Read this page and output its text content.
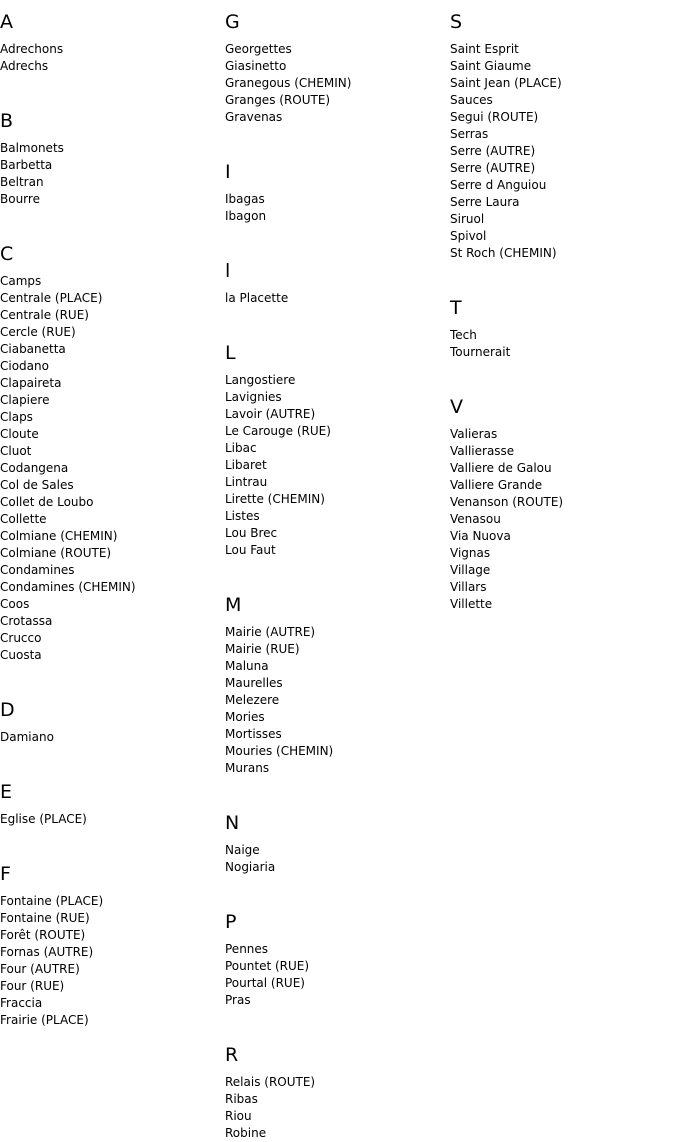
A
Adrechons
Adrechs
B
Balmonets
Barbetta
Beltran
Bourre
C
Camps
Centrale (PLACE)
Centrale (RUE)
Cercle (RUE)
Ciabanetta
Ciodano
Clapaireta
Clapiere
Claps
Cloute
Cluot
Codangena
Col de Sales
Collet de Loubo
Collette
Colmiane (CHEMIN)
Colmiane (ROUTE)
Condamines
Condamines (CHEMIN)
Coos
Crotassa
Crucco
Cuosta
D
Damiano
E
Eglise (PLACE)
F
Fontaine (PLACE)
Fontaine (RUE)
Forêt (ROUTE)
Fornas (AUTRE)
Four (AUTRE)
Four (RUE)
Fraccia
Frairie (PLACE)
G
Georgettes
Giasinetto
Granegous (CHEMIN)
Granges (ROUTE)
Gravenas
I
Ibagas
Ibagon
l
la Placette
L
Langostiere
Lavignies
Lavoir (AUTRE)
Le Carouge (RUE)
Libac
Libaret
Lintrau
Lirette (CHEMIN)
Listes
Lou Brec
Lou Faut
M
Mairie (AUTRE)
Mairie (RUE)
Maluna
Maurelles
Melezere
Mories
Mortisses
Mouries (CHEMIN)
Murans
N
Naige
Nogiaria
P
Pennes
Pountet (RUE)
Pourtal (RUE)
Pras
R
Relais (ROUTE)
Ribas
Riou
Robine
S
Saint Esprit
Saint Giaume
Saint Jean (PLACE)
Sauces
Segui (ROUTE)
Serras
Serre (AUTRE)
Serre (AUTRE)
Serre d Anguiou
Serre Laura
Siruol
Spivol
St Roch (CHEMIN)
T
Tech
Tournerait
V
Valieras
Vallierasse
Valliere de Galou
Valliere Grande
Venanson (ROUTE)
Venasou
Via Nuova
Vignas
Village
Villars
Villette
